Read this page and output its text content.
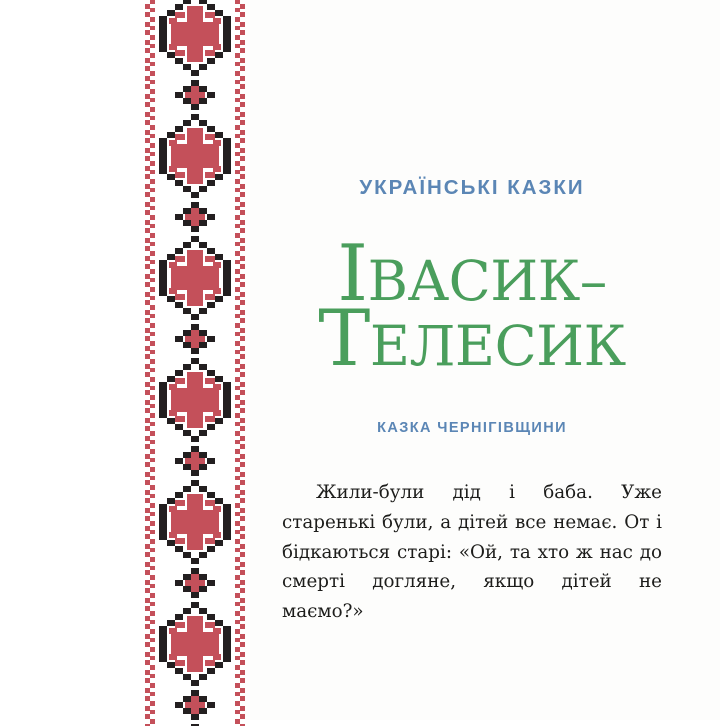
УКРАЇНСЬКІ КАЗКИ
ІВАСИК–
ТЕЛЕСИК
КАЗКА ЧЕРНІГІВЩИНИ

Жили-були дід і баба. Уже старенькі були, а дітей все немає. От і бідкаються старі: «Ой, та хто ж нас до смерті догляне, якщо дітей не маємо?»
